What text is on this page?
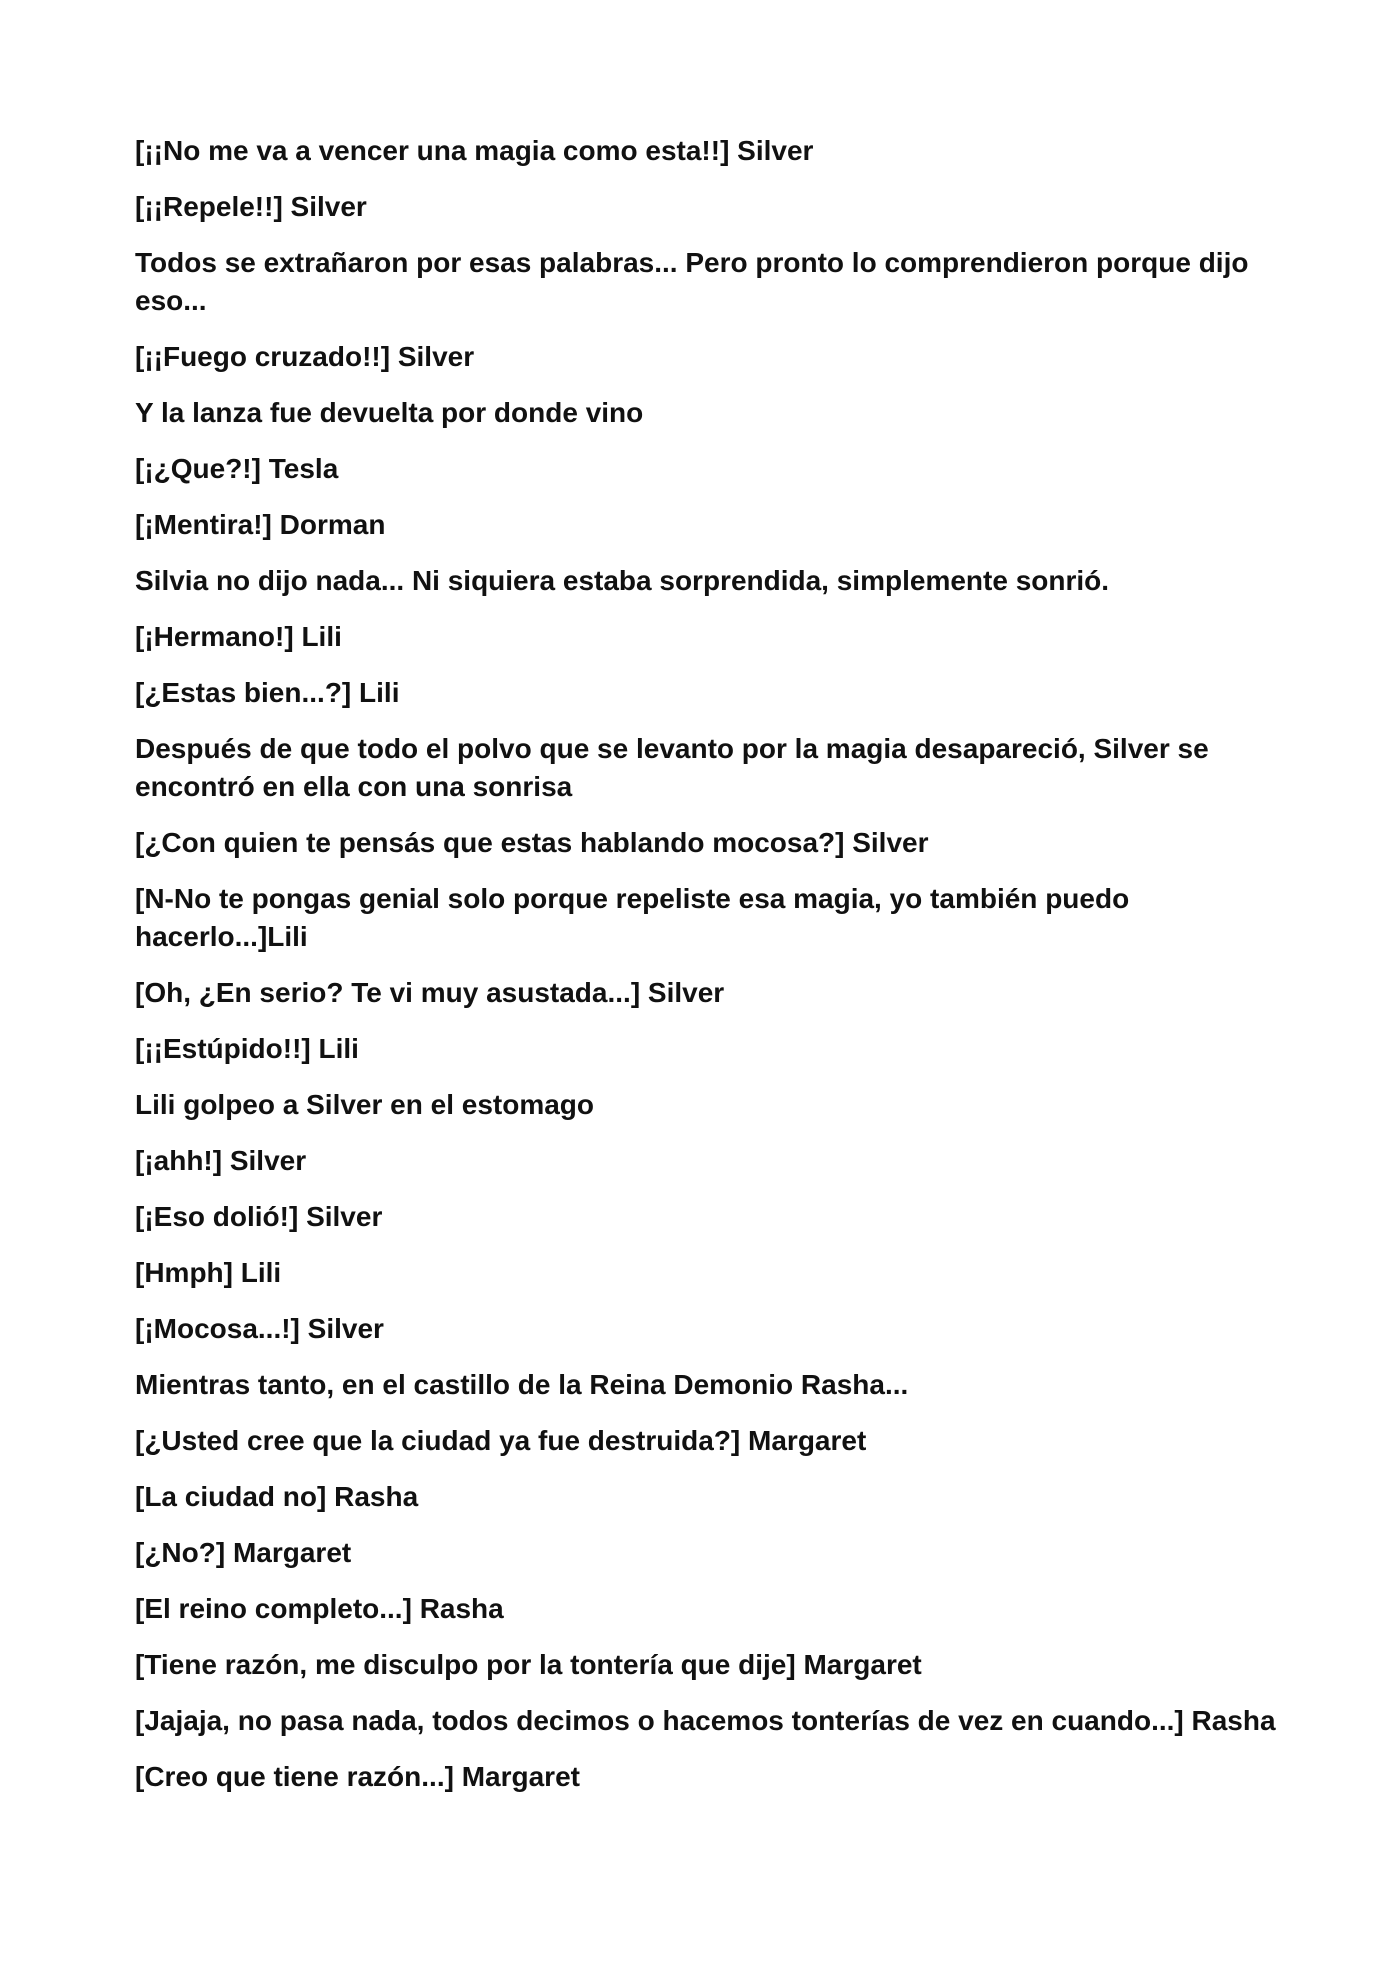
[¡¡No me va a vencer una magia como esta!!] Silver

[¡¡Repele!!] Silver

Todos se extrañaron por esas palabras... Pero pronto lo comprendieron porque dijo eso...

[¡¡Fuego cruzado!!] Silver

Y la lanza fue devuelta por donde vino

[¡¿Que?!] Tesla

[¡Mentira!] Dorman

Silvia no dijo nada... Ni siquiera estaba sorprendida, simplemente sonrió.

[¡Hermano!] Lili

[¿Estas bien...?] Lili

Después de que todo el polvo que se levanto por la magia desapareció, Silver se encontró en ella con una sonrisa

[¿Con quien te pensás que estas hablando mocosa?] Silver

[N-No te pongas genial solo porque repeliste esa magia, yo también puedo hacerlo...]Lili

[Oh, ¿En serio? Te vi muy asustada...] Silver

[¡¡Estúpido!!] Lili

Lili golpeo a Silver en el estomago

[¡ahh!] Silver

[¡Eso dolió!] Silver

[Hmph] Lili

[¡Mocosa...!] Silver

Mientras tanto, en el castillo de la Reina Demonio Rasha...

[¿Usted cree que la ciudad ya fue destruida?] Margaret

[La ciudad no] Rasha

[¿No?] Margaret

[El reino completo...] Rasha

[Tiene razón, me disculpo por la tontería que dije] Margaret

[Jajaja, no pasa nada, todos decimos o hacemos tonterías de vez en cuando...] Rasha

[Creo que tiene razón...] Margaret
